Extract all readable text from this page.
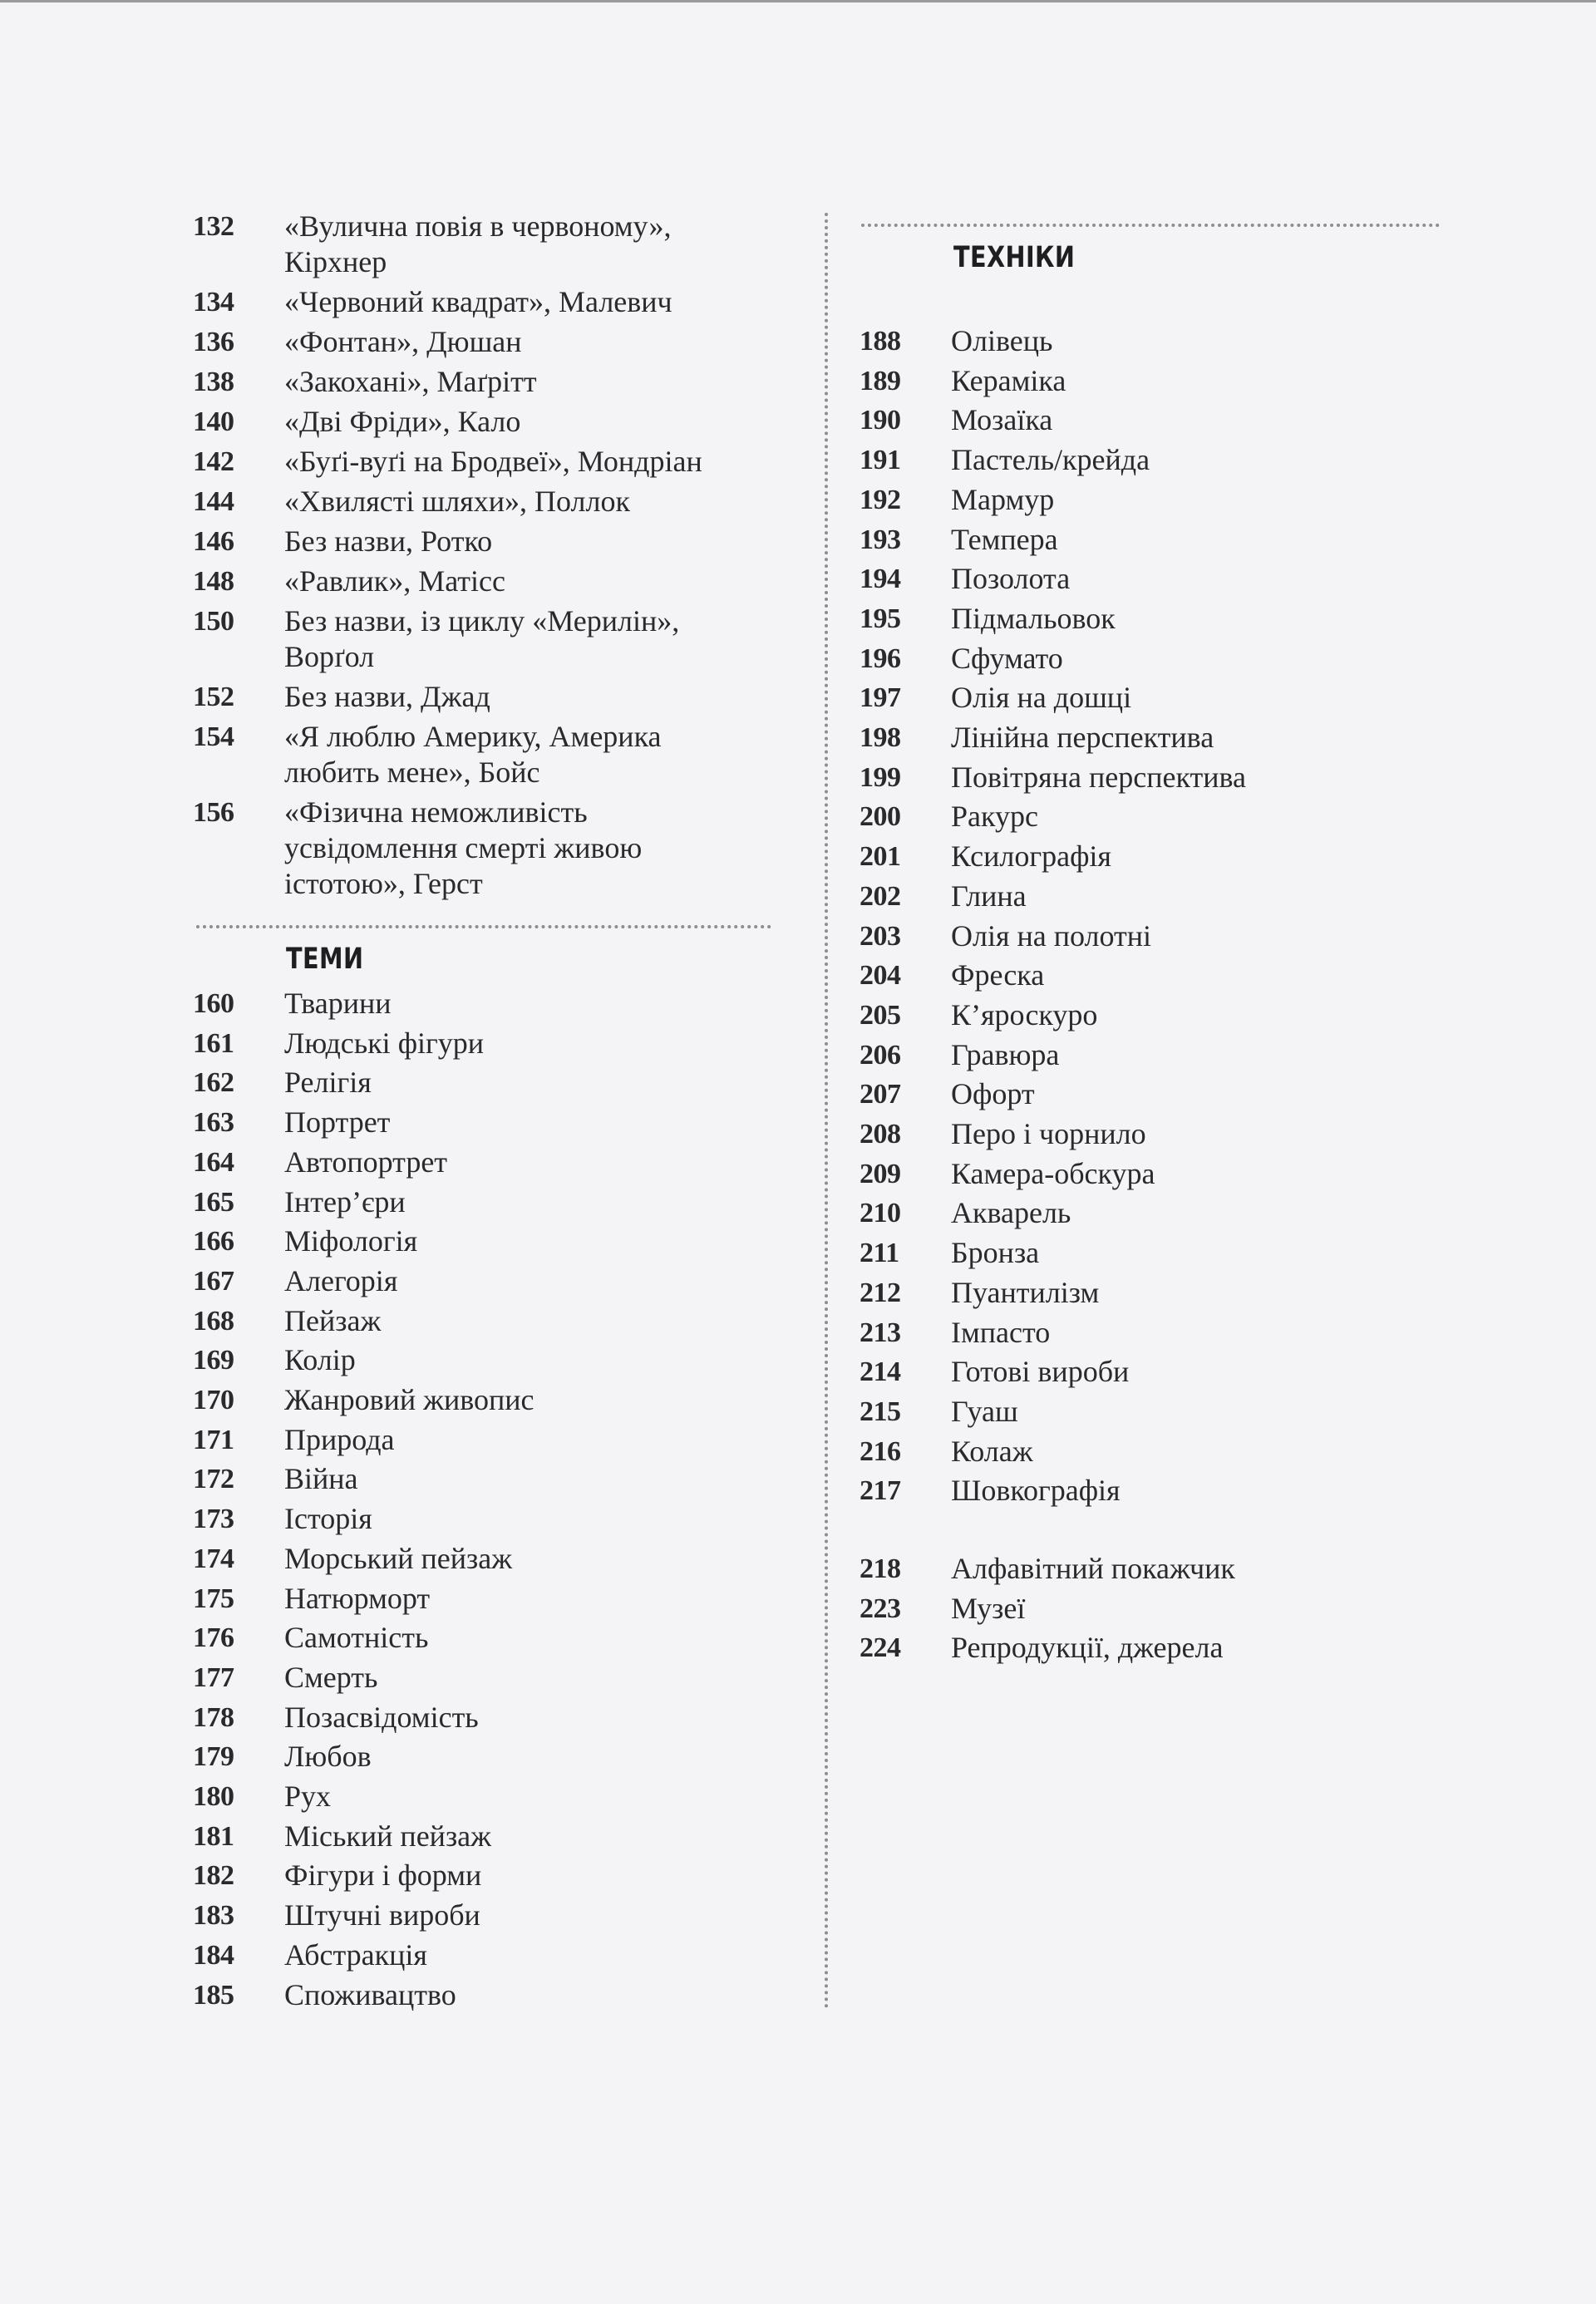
132	«Вулична повія в червоному»,
Кірхнер
134	«Червоний квадрат», Малевич
136	«Фонтан», Дюшан
138	«Закохані», Маґрітт
140	«Дві Фріди», Кало
142	«Буґі-вуґі на Бродвеї», Мондріан
144	«Хвилясті шляхи», Поллок
146	Без назви, Ротко
148	«Равлик», Матісс
150	Без назви, із циклу «Мерилін»,
Ворґол
152	Без назви, Джад
154	«Я люблю Америку, Америка
любить мене», Бойс
156	«Фізична неможливість
усвідомлення смерті живою
істотою», Герст
ТЕМИ
160	Тварини
161	Людські фігури
162	Релігія
163	Портрет
164	Автопортрет
165	Інтер’єри
166	Міфологія
167	Алегорія
168	Пейзаж
169	Колір
170	Жанровий живопис
171	Природа
172	Війна
173	Історія
174	Морський пейзаж
175	Натюрморт
176	Самотність
177	Смерть
178	Позасвідомість
179	Любов
180	Рух
181	Міський пейзаж
182	Фігури і форми
183	Штучні вироби
184	Абстракція
185	Споживацтво
ТЕХНІКИ
188	Олівець
189	Кераміка
190	Мозаїка
191	Пастель/крейда
192	Мармур
193	Темпера
194	Позолота
195	Підмальовок
196	Сфумато
197	Олія на дошці
198	Лінійна перспектива
199	Повітряна перспектива
200	Ракурс
201	Ксилографія
202	Глина
203	Олія на полотні
204	Фреска
205	К’яроскуро
206	Гравюра
207	Офорт
208	Перо і чорнило
209	Камера-обскура
210	Акварель
211	Бронза
212	Пуантилізм
213	Імпасто
214	Готові вироби
215	Гуаш
216	Колаж
217	Шовкографія
218	Алфавітний покажчик
223	Музеї
224	Репродукції, джерела
